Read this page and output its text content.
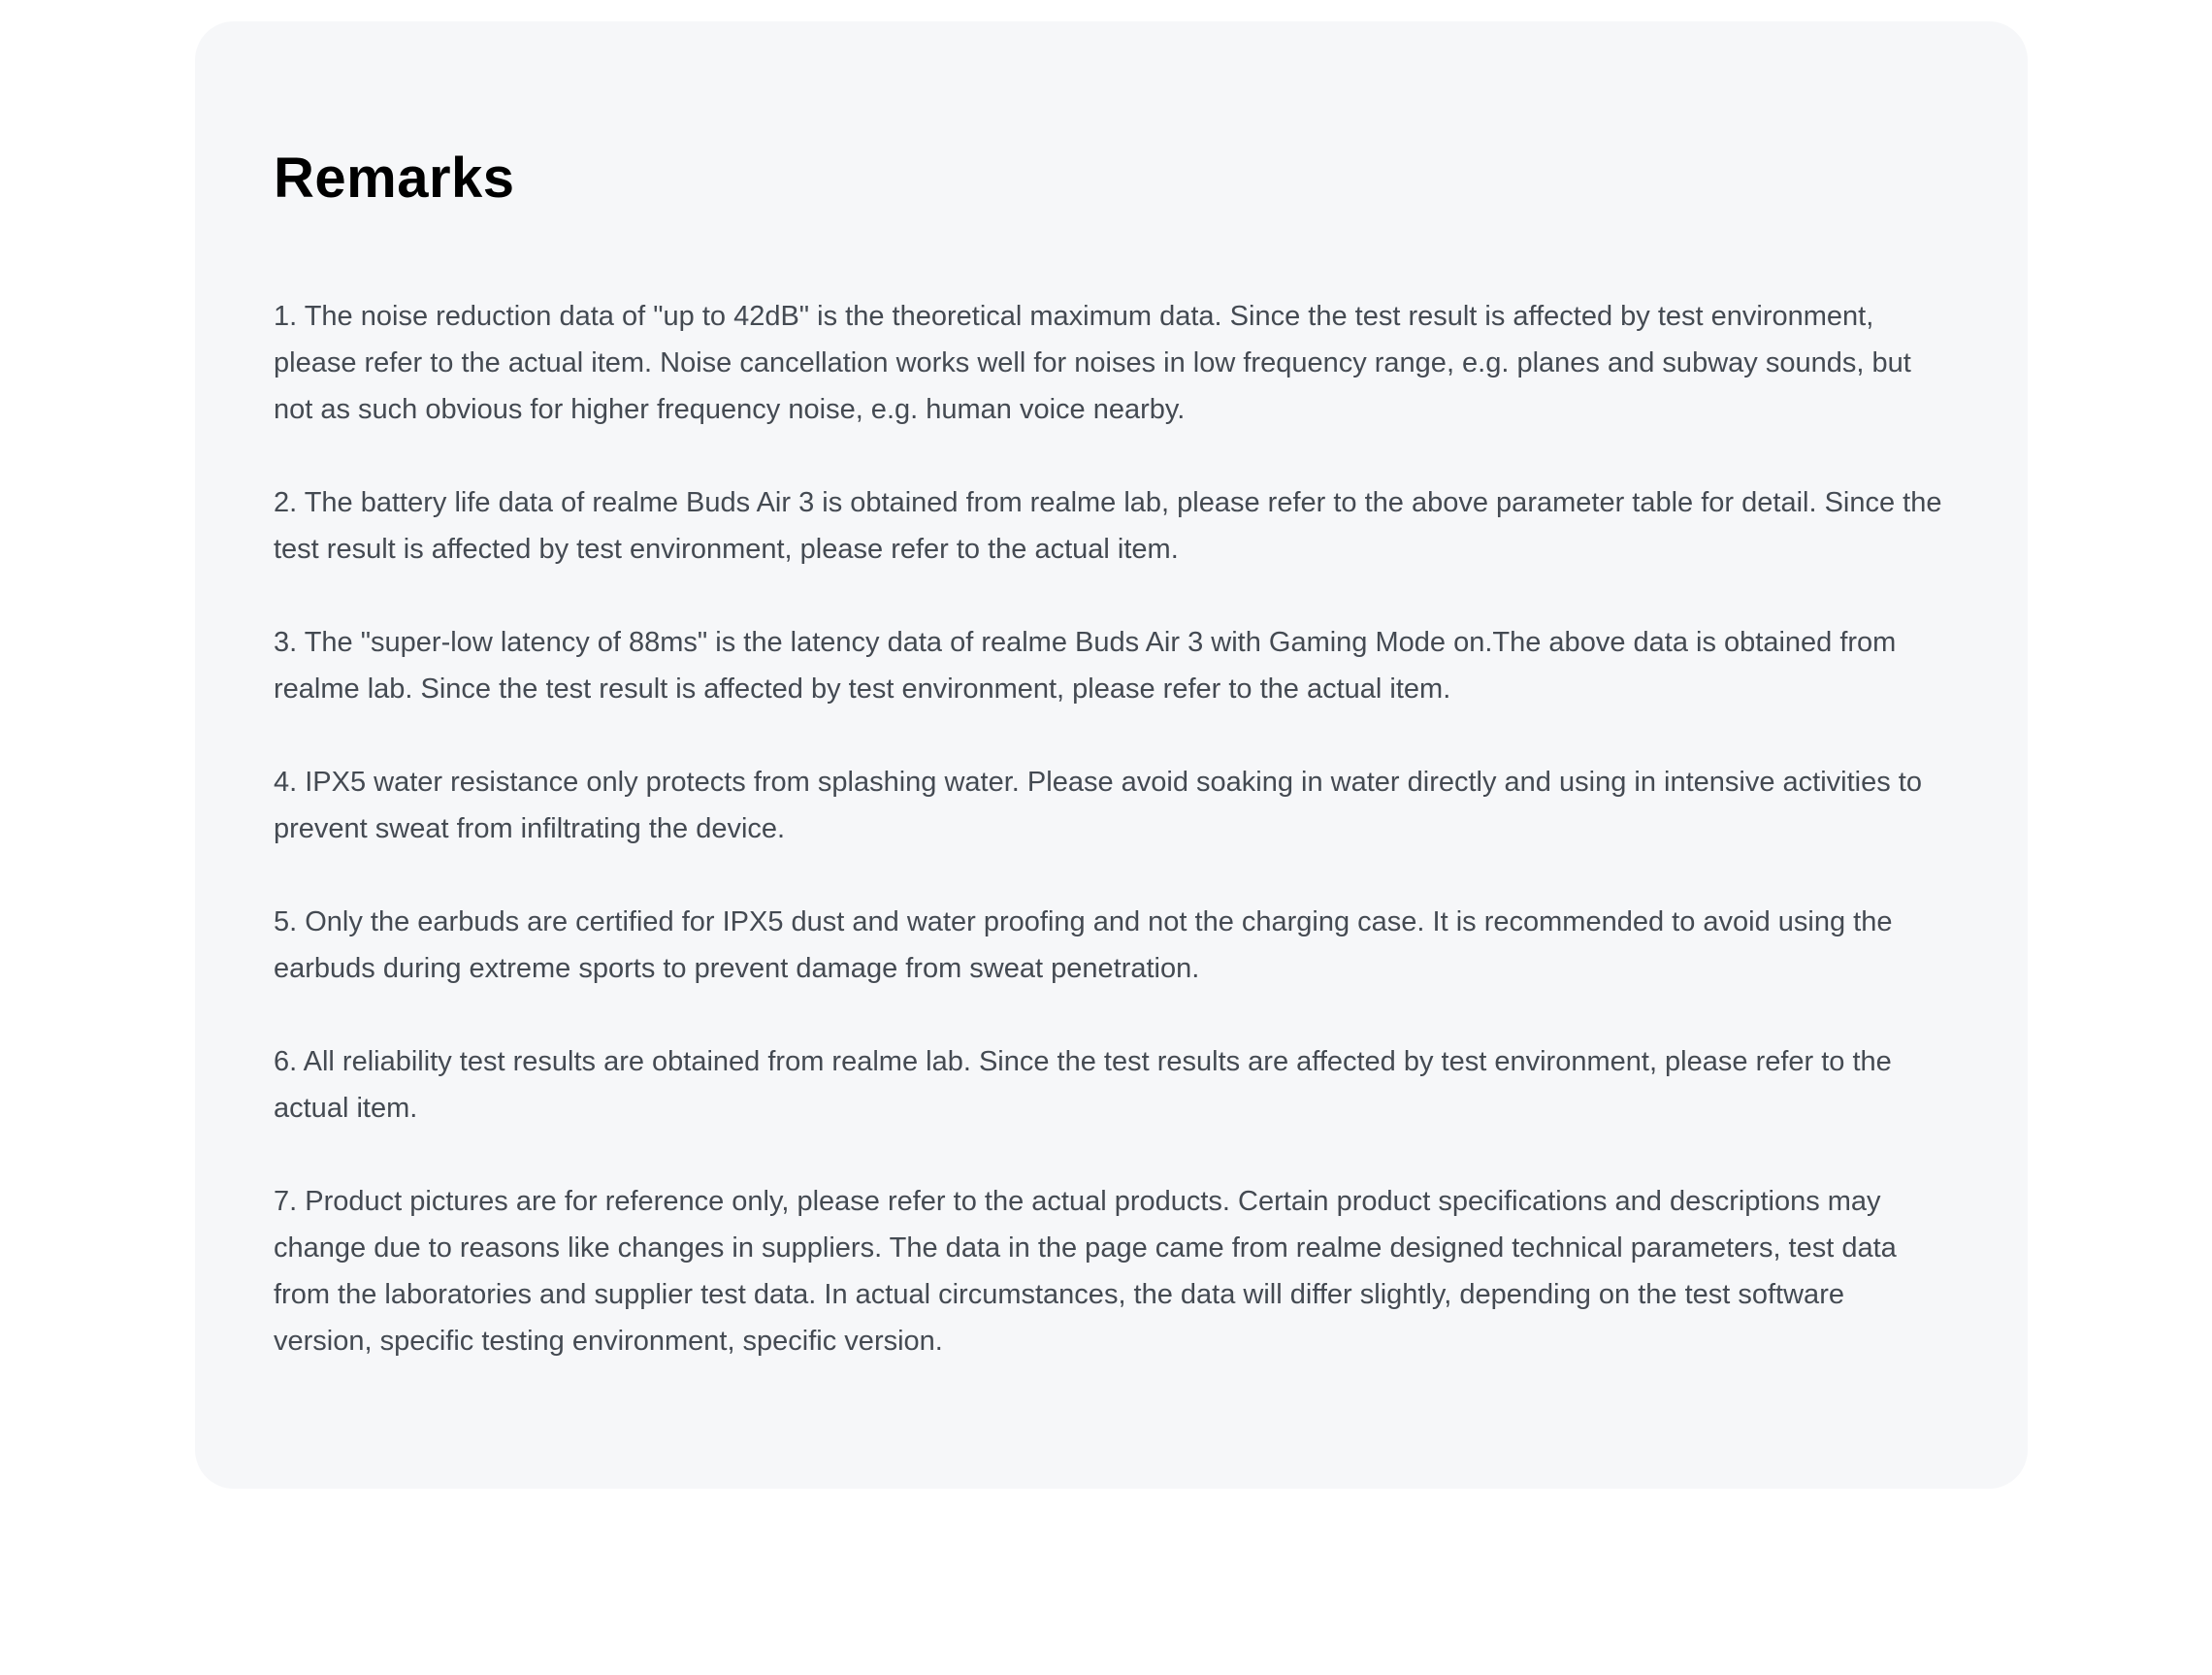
Remarks

1. The noise reduction data of "up to 42dB" is the theoretical maximum data. Since the test result is affected by test environment, please refer to the actual item. Noise cancellation works well for noises in low frequency range, e.g. planes and subway sounds, but not as such obvious for higher frequency noise, e.g. human voice nearby.

2. The battery life data of realme Buds Air 3 is obtained from realme lab, please refer to the above parameter table for detail. Since the test result is affected by test environment, please refer to the actual item.

3. The "super-low latency of 88ms" is the latency data of realme Buds Air 3 with Gaming Mode on.The above data is obtained from realme lab. Since the test result is affected by test environment, please refer to the actual item.

4. IPX5 water resistance only protects from splashing water. Please avoid soaking in water directly and using in intensive activities to prevent sweat from infiltrating the device.

5. Only the earbuds are certified for IPX5 dust and water proofing and not the charging case. It is recommended to avoid using the earbuds during extreme sports to prevent damage from sweat penetration.

6. All reliability test results are obtained from realme lab. Since the test results are affected by test environment, please refer to the actual item.

7. Product pictures are for reference only, please refer to the actual products. Certain product specifications and descriptions may change due to reasons like changes in suppliers. The data in the page came from realme designed technical parameters, test data from the laboratories and supplier test data. In actual circumstances, the data will differ slightly, depending on the test software version, specific testing environment, specific version.
